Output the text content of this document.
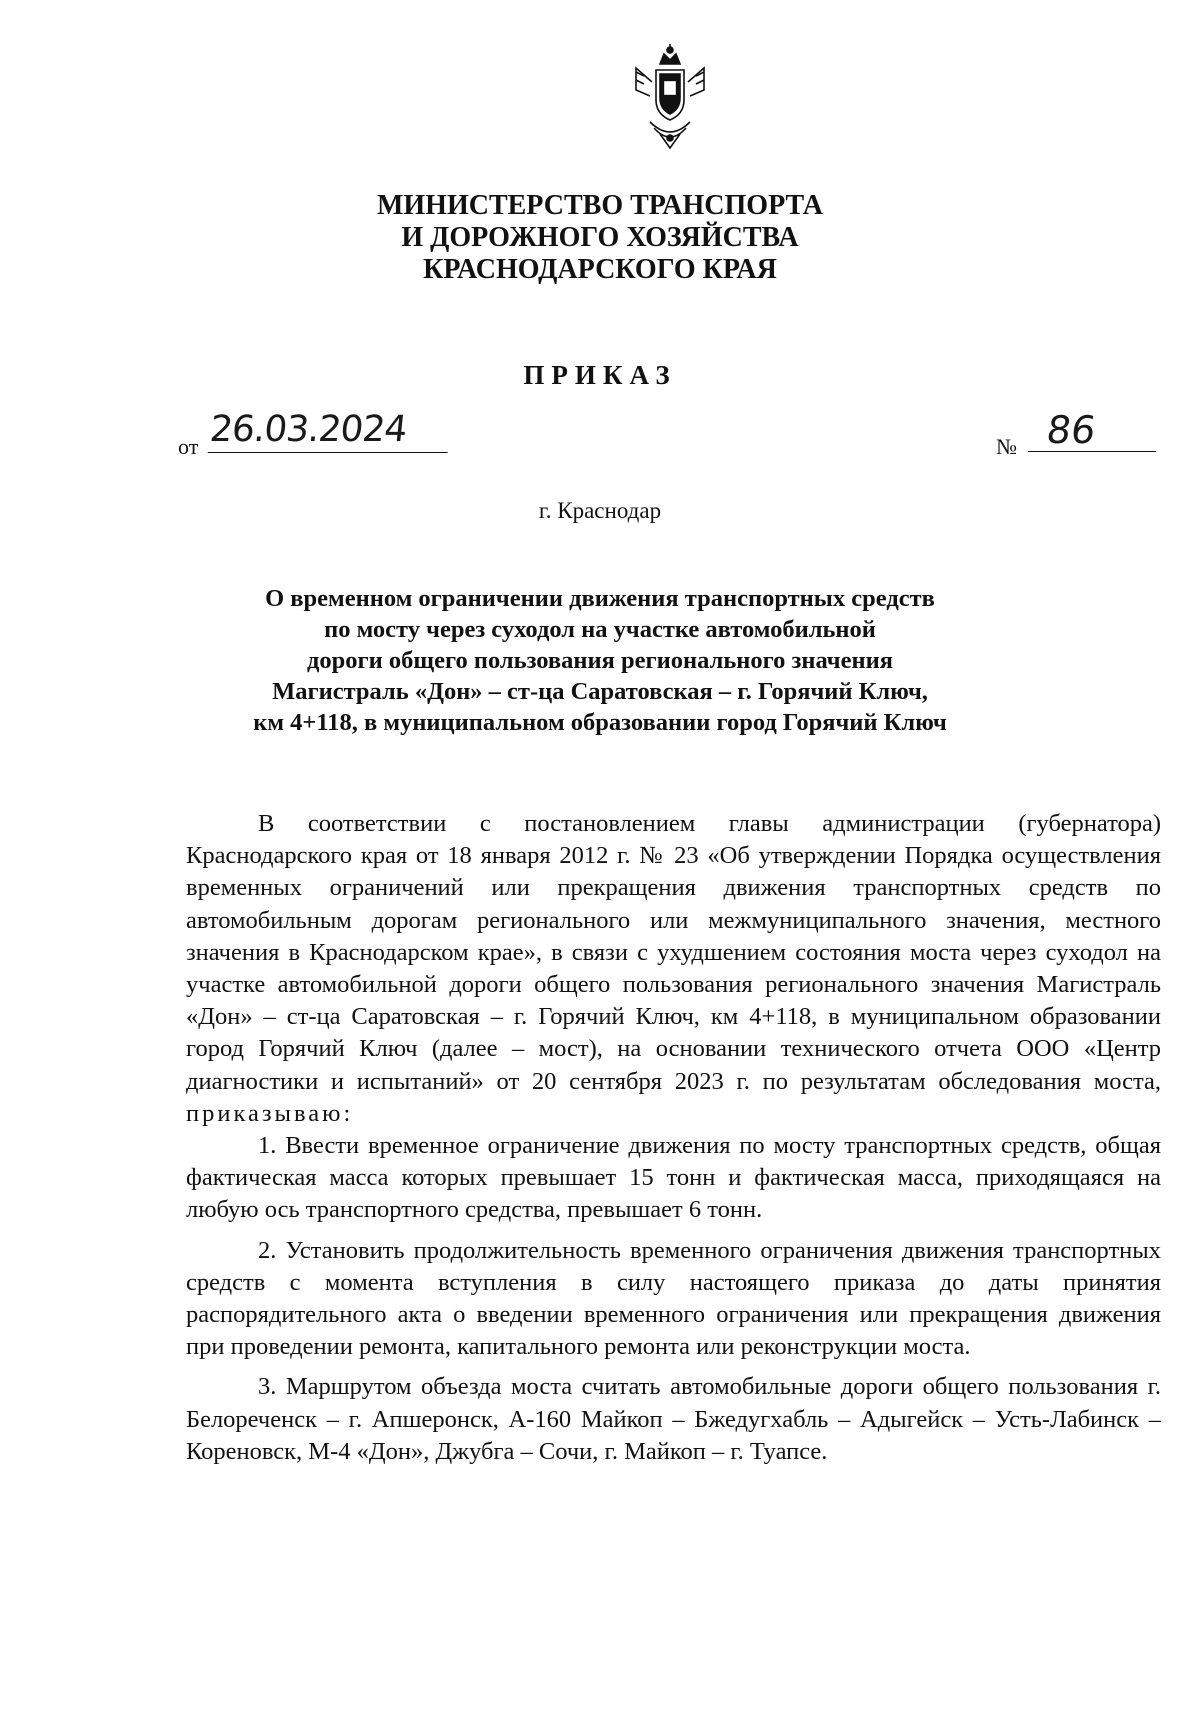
МИНИСТЕРСТВО ТРАНСПОРТА
И ДОРОЖНОГО ХОЗЯЙСТВА
КРАСНОДАРСКОГО КРАЯ
ПРИКАЗ
от 26.03.2024	№ 86
г. Краснодар
О временном ограничении движения транспортных средств
по мосту через суходол на участке автомобильной
дороги общего пользования регионального значения
Магистраль «Дон» – ст-ца Саратовская – г. Горячий Ключ,
км 4+118, в муниципальном образовании город Горячий Ключ

В соответствии с постановлением главы администрации (губернатора) Краснодарского края от 18 января 2012 г. № 23 «Об утверждении Порядка осуществления временных ограничений или прекращения движения транспортных средств по автомобильным дорогам регионального или межмуниципального значения, местного значения в Краснодарском крае», в связи с ухудшением состояния моста через суходол на участке автомобильной дороги общего пользования регионального значения Магистраль «Дон» – ст-ца Саратовская – г. Горячий Ключ, км 4+118, в муниципальном образовании город Горячий Ключ (далее – мост), на основании технического отчета ООО «Центр диагностики и испытаний» от 20 сентября 2023 г. по результатам обследования моста, приказываю:

1. Ввести временное ограничение движения по мосту транспортных средств, общая фактическая масса которых превышает 15 тонн и фактическая масса, приходящаяся на любую ось транспортного средства, превышает 6 тонн.

2. Установить продолжительность временного ограничения движения транспортных средств с момента вступления в силу настоящего приказа до даты принятия распорядительного акта о введении временного ограничения или прекращения движения при проведении ремонта, капитального ремонта или реконструкции моста.

3. Маршрутом объезда моста считать автомобильные дороги общего пользования г. Белореченск – г. Апшеронск, А-160 Майкоп – Бжедугхабль – Адыгейск – Усть-Лабинск – Кореновск, М-4 «Дон», Джубга – Сочи, г. Майкоп – г. Туапсе.
